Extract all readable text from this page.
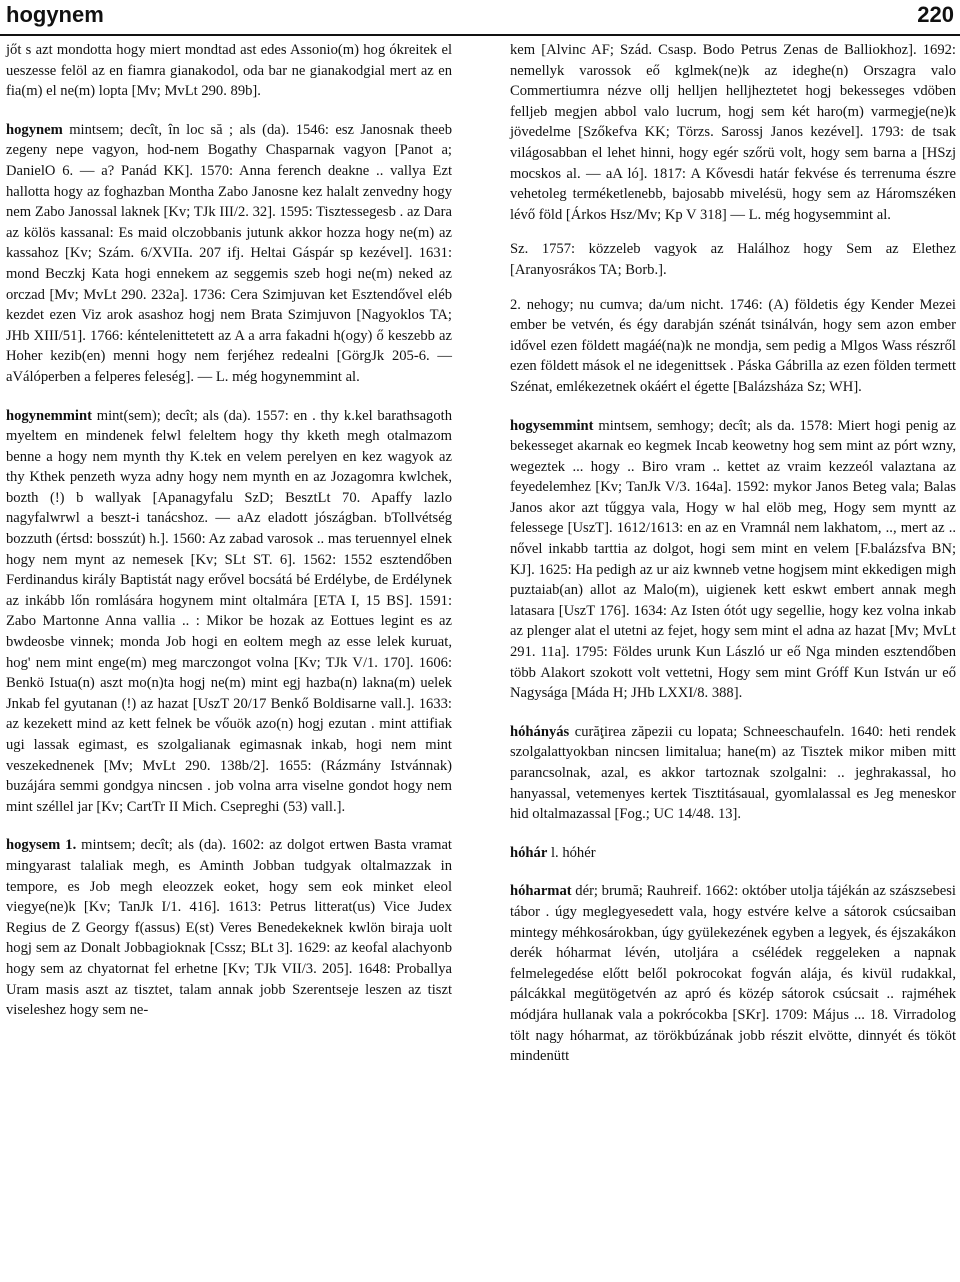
hogynem	220

jőt s azt mondotta hogy miert mondtad ast edes Assonio(m) hog ókreitek el ueszesse felöl az en fiamra gianakodol, oda bar ne gianakodgial mert az en fia(m) el ne(m) lopta [Mv; MvLt 290. 89b].

hogynem mintsem; decît, în loc să ; als (da). 1546: esz Janosnak theeb zegeny nepe vagyon, hod-nem Bogathy Chasparnak vagyon [Panot a; DanielO 6. — a? Panád KK]. 1570: Anna ferench deakne .. vallya Ezt hallotta hogy az foghazban Montha Zabo Janosne kez halalt zenvedny hogy nem Zabo Janossal laknek [Kv; TJk III/2. 32]. 1595: Tisztessegesb . az Dara az kölös kassanal: Es maid olczobbanis jutunk akkor hozza hogy ne(m) az kassahoz [Kv; Szám. 6/XVIIa. 207 ifj. Heltai Gáspár sp kezével]. 1631: mond Beczkj Kata hogi ennekem az seggemis szeb hogi ne(m) neked az orczad [Mv; MvLt 290. 232a]. 1736: Cera Szimjuvan ket Esztendővel eléb kezdet ezen Viz arok asashoz hogj nem Brata Szimjuvon [Nagyoklos TA; JHb XIII/51]. 1766: kéntelenittetett az A a arra fakadni h(ogy) ő keszebb az Hoher kezib(en) menni hogy nem ferjéhez redealni [GörgJk 205-6. — aVálóperben a felperes feleség]. — L. még hogynemmint al.

hogynemmint mint(sem); decît; als (da). 1557: en . thy k.kel barathsagoth myeltem en mindenek felwl feleltem hogy thy kketh megh otalmazom benne a hogy nem mynth thy K.tek en velem perelyen en kez wagyok az thy Kthek penzeth wyza adny hogy nem mynth en az Jozagomra kwlchek, bozth (!) b wallyak [Apanagyfalu SzD; BesztLt 70. Apaffy lazlo nagyfalwrwl a beszt-i tanácshoz. — aAz eladott jószágban. bTollvétség bozzuth (értsd: bosszút) h.]. 1560: Az zabad varosok .. mas teruennyel elnek hogy nem mynt az nemesek [Kv; SLt ST. 6]. 1562: 1552 esztendőben Ferdinandus király Baptistát nagy erővel bocsátá bé Erdélybe, de Erdélynek az inkább lőn romlására hogynem mint oltalmára [ETA I, 15 BS]. 1591: Zabo Martonne Anna vallia .. : Mikor be hozak az Eottues legint es az bwdeosbe vinnek; monda Job hogi en eoltem megh az esse lelek kuruat, hog' nem mint enge(m) meg marczongot volna [Kv; TJk V/1. 170]. 1606: Benkö Istua(n) aszt mo(n)ta hogj ne(m) mint egj hazba(n) lakna(m) uelek Jnkab fel gyutanan (!) az hazat [UszT 20/17 Benkő Boldisarne vall.]. 1633: az kezekett mind az kett felnek be vőuök azo(n) hogj ezutan . mint attifiak ugi lassak egimast, es szolgalianak egimasnak inkab, hogi nem mint veszekednenek [Mv; MvLt 290. 138b/2]. 1655: (Rázmány Istvánnak) buzájára semmi gondgya nincsen . job volna arra viselne gondot hogy nem mint széllel jar [Kv; CartTr II Mich. Csepreghi (53) vall.].

hogysem 1. mintsem; decît; als (da). 1602: az dolgot ertwen Basta vramat mingyarast talaliak megh, es Aminth Jobban tudgyak oltalmazzak in tempore, es Job megh eleozzek eoket, hogy sem eok minket eleol viegye(ne)k [Kv; TanJk I/1. 416]. 1613: Petrus litterat(us) Vice Judex Regius de Z Georgy f(assus) E(st) Veres Benedekeknek kwlön biraja uolt hogj sem az Donalt Jobbagioknak [Cssz; BLt 3]. 1629: az keofal alachyonb hogy sem az chyatornat fel erhetne [Kv; TJk VII/3. 205]. 1648: Proballya Uram masis aszt az tisztet, talam annak jobb Szerentseje leszen az tiszt viseleshez hogy sem ne-

kem [Alvinc AF; Szád. Csasp. Bodo Petrus Zenas de Balliokhoz]. 1692: nemellyk varossok eő kglmek(ne)k az ideghe(n) Orszagra valo Commertiumra nézve ollj helljen helljheztetet hogj bekesseges vdöben felljeb megjen abbol valo lucrum, hogj sem két haro(m) varmegje(ne)k jövedelme [Szőkefva KK; Törzs. Sarossj Janos kezével]. 1793: de tsak világosabban el lehet hinni, hogy egér szőrü volt, hogy sem barna a [HSzj mocskos al. — aA ló]. 1817: A Kővesdi határ fekvése és terrenuma észre vehetoleg terméketlenebb, bajosabb mivelésü, hogy sem az Háromszéken lévő föld [Árkos Hsz/Mv; Kp V 318] — L. még hogysemmint al.

Sz. 1757: közzeleb vagyok az Halálhoz hogy Sem az Elethez [Aranyosrákos TA; Borb.].

2. nehogy; nu cumva; da/um nicht. 1746: (A) földetis égy Kender Mezei ember be vetvén, és égy darabján szénát tsinálván, hogy sem azon ember idővel ezen földett magáé(na)k ne mondja, sem pedig a Mlgos Wass részről ezen földett mások el ne idegenittsek . Páska Gábrilla az ezen földen termett Szénat, emlékezetnek okáért el égette [Balázsháza Sz; WH].

hogysemmint mintsem, semhogy; decît; als da. 1578: Miert hogi penig az bekesseget akarnak eo kegmek Incab keowetny hog sem mint az pórt wzny, wegeztek ... hogy .. Biro vram .. kettet az vraim kezzeól valaztana az feyedelemhez [Kv; TanJk V/3. 164a]. 1592: mykor Janos Beteg vala; Balas Janos akor azt tűggya vala, Hogy w hal elöb meg, Hogy sem myntt az felessege [UszT]. 1612/1613: en az en Vramnál nem lakhatom, .., mert az .. nővel inkabb tarttia az dolgot, hogi sem mint en velem [F.balázsfva BN; KJ]. 1625: Ha pedigh az ur aiz kwnneb vetne hogjsem mint ekkedigen migh puztaiab(an) allot az Malo(m), uigienek kett eskwt embert annak megh latasara [UszT 176]. 1634: Az Isten ótót ugy segellie, hogy kez volna inkab az plenger alat el utetni az fejet, hogy sem mint el adna az hazat [Mv; MvLt 291. 11a]. 1795: Földes urunk Kun László ur eő Nga minden esztendőben több Alakort szokott volt vettetni, Hogy sem mint Gróff Kun István ur eő Nagysága [Máda H; JHb LXXI/8. 388].

hóhányás curăţirea zăpezii cu lopata; Schneeschaufeln. 1640: heti rendek szolgalattyokban nincsen limitalua; hane(m) az Tisztek mikor miben mitt parancsolnak, azal, es akkor tartoznak szolgalni: .. jeghrakassal, ho hanyassal, vetemenyes kertek Tisztitásaual, gyomlalassal es Jeg meneskor hid oltalmazassal [Fog.; UC 14/48. 13].

hóhár l. hóhér

hóharmat dér; brumă; Rauhreif. 1662: október utolja tájékán az szászsebesi tábor . úgy meglegyesedett vala, hogy estvére kelve a sátorok csúcsaiban mintegy méhkosárokban, úgy gyülekezének egyben a legyek, és éjszakákon derék hóharmat lévén, utoljára a csélédek reggeleken a napnak felmelegedése előtt belől pokrocokat fogván alája, és kivül rudakkal, pálcákkal megütögetvén az apró és közép sátorok csúcsait .. rajméhek módjára hullanak vala a pokrócokba [SKr]. 1709: Május ... 18. Virradolog tölt nagy hóharmat, az törökbúzának jobb részit elvötte, dinnyét és tököt mindenütt
